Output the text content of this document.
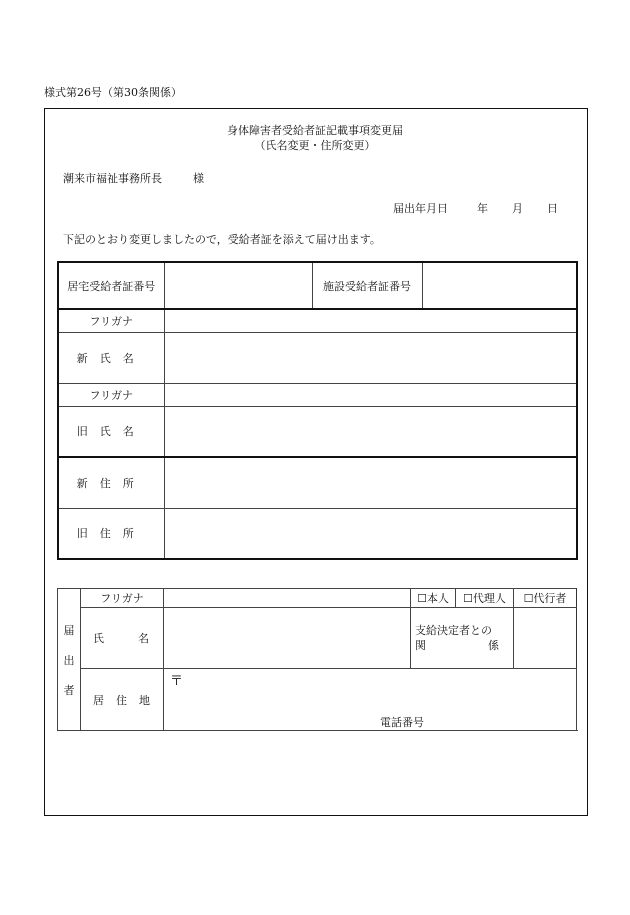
様式第26号（第30条関係）
身体障害者受給者証記載事項変更届
（氏名変更・住所変更）
潮来市福祉事務所長	様
届出年月日	年 月 日
下記のとおり変更しましたので，受給者証を添えて届け出ます。
居宅受給者証番号		施設受給者証番号	

フリガナ			
新氏名			
フリガナ			
旧氏名			
新住所			
旧住所			
届
出
者	フリガナ		☐本人	☐代理人	☐代行者
	氏名		支給決定者との
関 係		

	居住地	〒
電話番号			
